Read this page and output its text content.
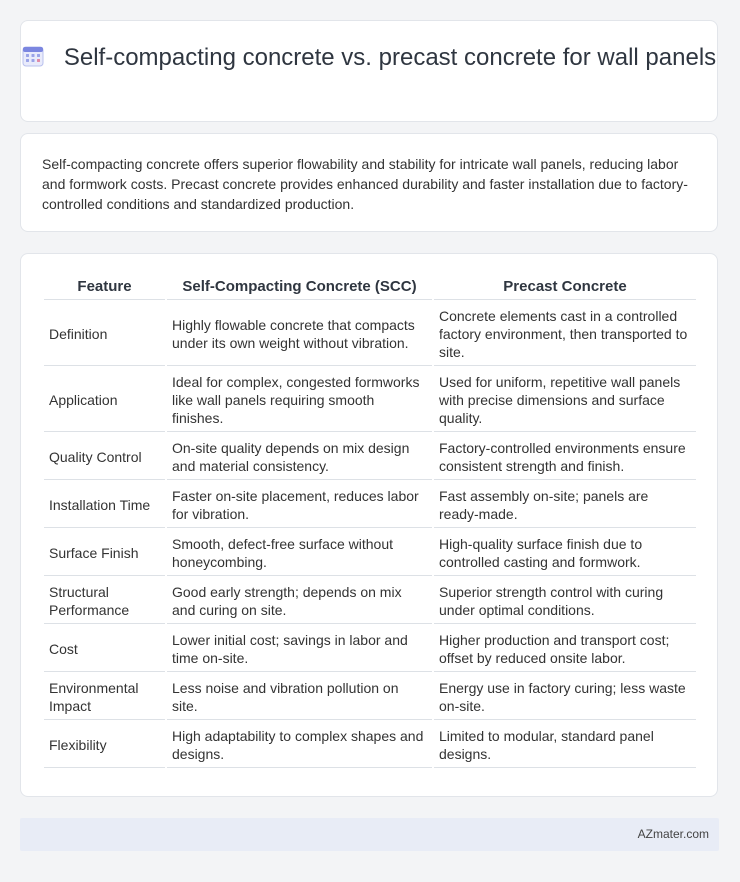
Self-compacting concrete vs. precast concrete for wall panels

Self-compacting concrete offers superior flowability and stability for intricate wall panels, reducing labor and formwork costs. Precast concrete provides enhanced durability and faster installation due to factory-controlled conditions and standardized production.

Feature	Self-Compacting Concrete (SCC)	Precast Concrete
Definition	Highly flowable concrete that compacts under its own weight without vibration.	Concrete elements cast in a controlled factory environment, then transported to site.
Application	Ideal for complex, congested formworks like wall panels requiring smooth finishes.	Used for uniform, repetitive wall panels with precise dimensions and surface quality.
Quality Control	On-site quality depends on mix design and material consistency.	Factory-controlled environments ensure consistent strength and finish.
Installation Time	Faster on-site placement, reduces labor for vibration.	Fast assembly on-site; panels are ready-made.
Surface Finish	Smooth, defect-free surface without honeycombing.	High-quality surface finish due to controlled casting and formwork.
Structural Performance	Good early strength; depends on mix and curing on site.	Superior strength control with curing under optimal conditions.
Cost	Lower initial cost; savings in labor and time on-site.	Higher production and transport cost; offset by reduced onsite labor.
Environmental Impact	Less noise and vibration pollution on site.	Energy use in factory curing; less waste on-site.
Flexibility	High adaptability to complex shapes and designs.	Limited to modular, standard panel designs.
AZmater.com
